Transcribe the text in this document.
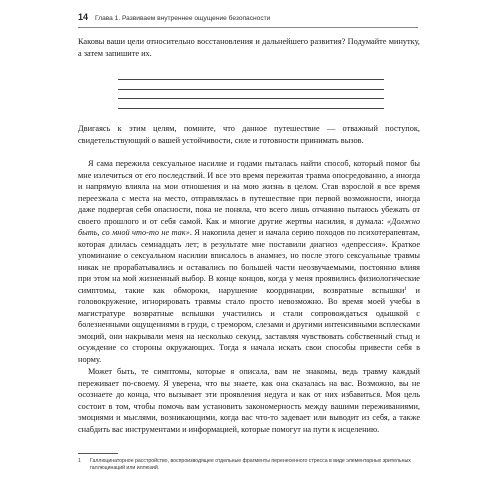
14 Глава 1. Развиваем внутреннее ощущение безопасности

Каковы ваши цели относительно восстановления и дальнейшего развития? Подумайте минутку, а затем запишите их.

Двигаясь к этим целям, помните, что данное путешествие — отважный поступок, свидетельствующий о вашей устойчивости, силе и готовности принимать вызов.

Я сама пережила сексуальное насилие и годами пыталась найти способ, который помог бы мне излечиться от его последствий. И все это время пережитая травма опосредованно, а иногда и напрямую влияла на мои отношения и на мою жизнь в целом. Став взрослой я все время переезжала с места на место, отправлялась в путешествие при первой возможности, иногда даже подвергая себя опасности, пока не поняла, что всего лишь отчаянно пытаюсь убежать от своего прошлого и от себя самой. Как и многие другие жертвы насилия, я думала: «Должно быть, со мной что-то не так». Я накопила денег и начала серию походов по психотерапевтам, которая длилась семнадцать лет; в результате мне поставили диагноз «депрессия». Краткое упоминание о сексуальном насилии вписалось в анамнез, но после этого сексуальные травмы никак не прорабатывались и оставались по большей части неозвучаемыми, постоянно влияя при этом на мой жизненный выбор. В конце концов, когда у меня проявились физиологические симптомы, такие как обмороки, нарушение координации, возвратные вспышки$^1$ и головокружение, игнорировать травмы стало просто невозможно. Во время моей учебы в магистратуре возвратные вспышки участились и стали сопровождаться одышкой с болезненными ощущениями в груди, с тремором, слезами и другими интенсивными всплесками эмоций, они накрывали меня на несколько секунд, заставляя чувствовать собственный стыд и осуждение со стороны окружающих. Тогда я начала искать свои способы привести себя в норму.

Может быть, те симптомы, которые я описала, вам не знакомы, ведь травму каждый переживает по-своему. Я уверена, что вы знаете, как она сказалась на вас. Возможно, вы не осознаете до конца, что вызывает эти проявления недуга и как от них избавиться. Моя цель состоит в том, чтобы помочь вам установить закономерность между вашими переживаниями, эмоциями и мыслями, возникающими, когда вас что-то задевает или выводит из себя, а также снабдить вас инструментами и информацией, которые помогут на пути к исцелению.

1	Галлюцинаторное расстройство, воспроизводящее отдельные фрагменты перенесенного стресса в виде элементарных зрительных галлюцинаций или иллюзий.
